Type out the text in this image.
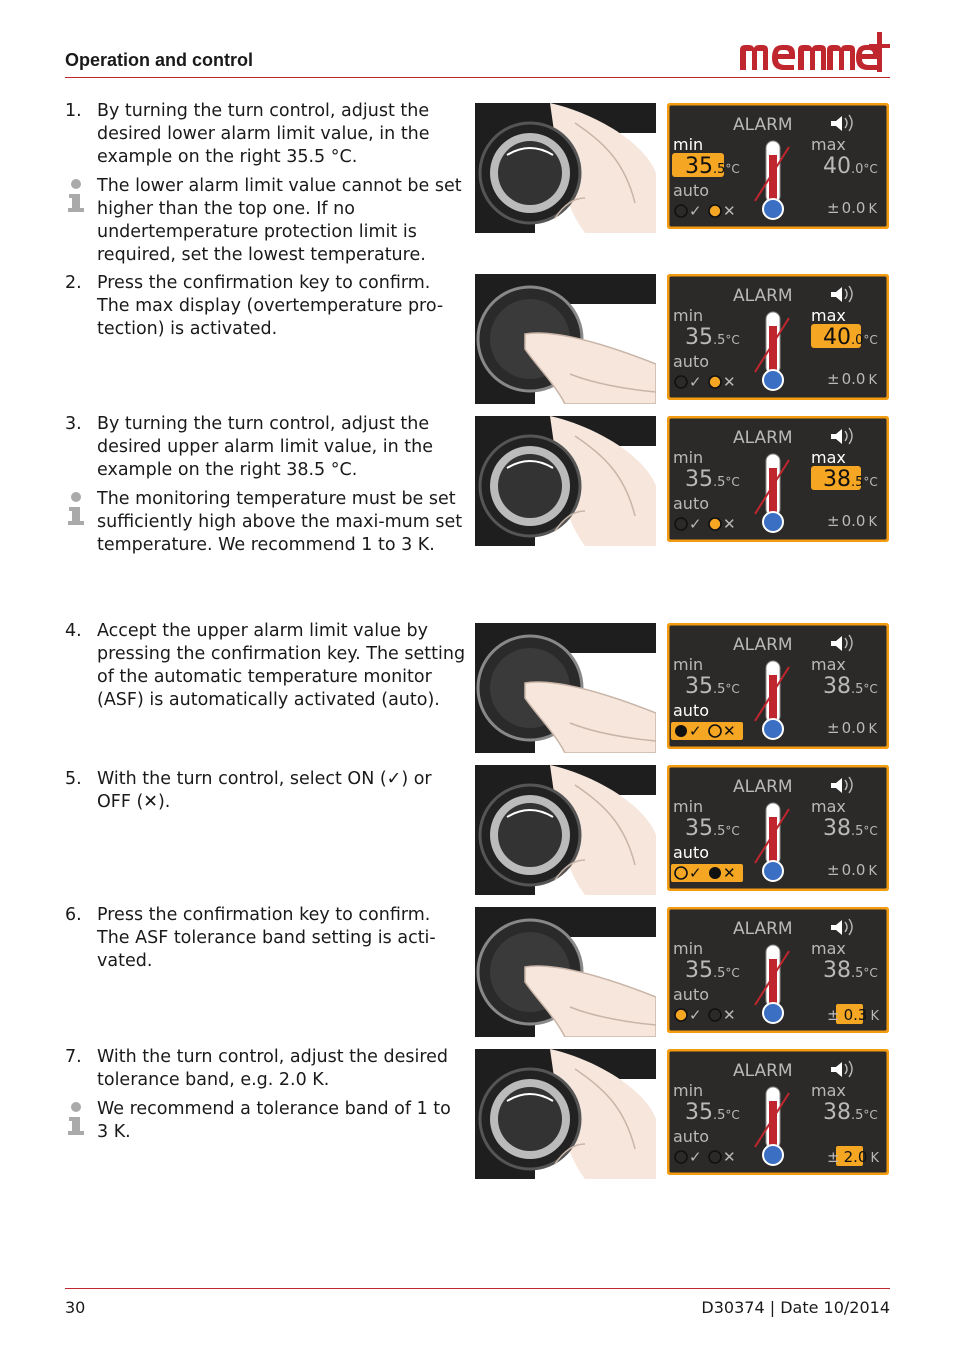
Operation and control
1. By turning the turn control, adjust the desired lower alarm limit value, in the example on the right 35.5 °C.
The lower alarm limit value cannot be set higher than the top one. If no undertemperature protection limit is required, set the lowest temperature.
2. Press the confirmation key to confirm. The max display (overtemperature pro-tection) is activated.
3. By turning the turn control, adjust the desired upper alarm limit value, in the example on the right 38.5 °C.
The monitoring temperature must be set sufficiently high above the maxi-mum set temperature. We recommend 1 to 3 K.
4. Accept the upper alarm limit value by pressing the confirmation key. The setting of the automatic temperature monitor (ASF) is automatically activated (auto).
5. With the turn control, select ON (✓) or OFF (✕).
6. Press the confirmation key to confirm. The ASF tolerance band setting is acti-vated.
7. With the turn control, adjust the desired tolerance band, e.g. 2.0 K.
We recommend a tolerance band of 1 to 3 K.
ALARM
min
35.5°C
max
40.0°C
auto
✓ ✕	± 0.0 K
ALARM
min
35.5°C
max
40.0°C
auto
✓ ✕	± 0.0 K
ALARM
min
35.5°C
max
38.5°C
auto
✓ ✕	± 0.0 K
ALARM
min
35.5°C
max
38.5°C
auto
✓ ✕	± 0.0 K
ALARM
min
35.5°C
max
38.5°C
auto
✓ ✕	± 0.0 K
ALARM
min
35.5°C
max
38.5°C
auto
✓ ✕	± 0.3 K
ALARM
min
35.5°C
max
38.5°C
auto
✓ ✕	± 2.0 K
30	D30374 | Date 10/2014
